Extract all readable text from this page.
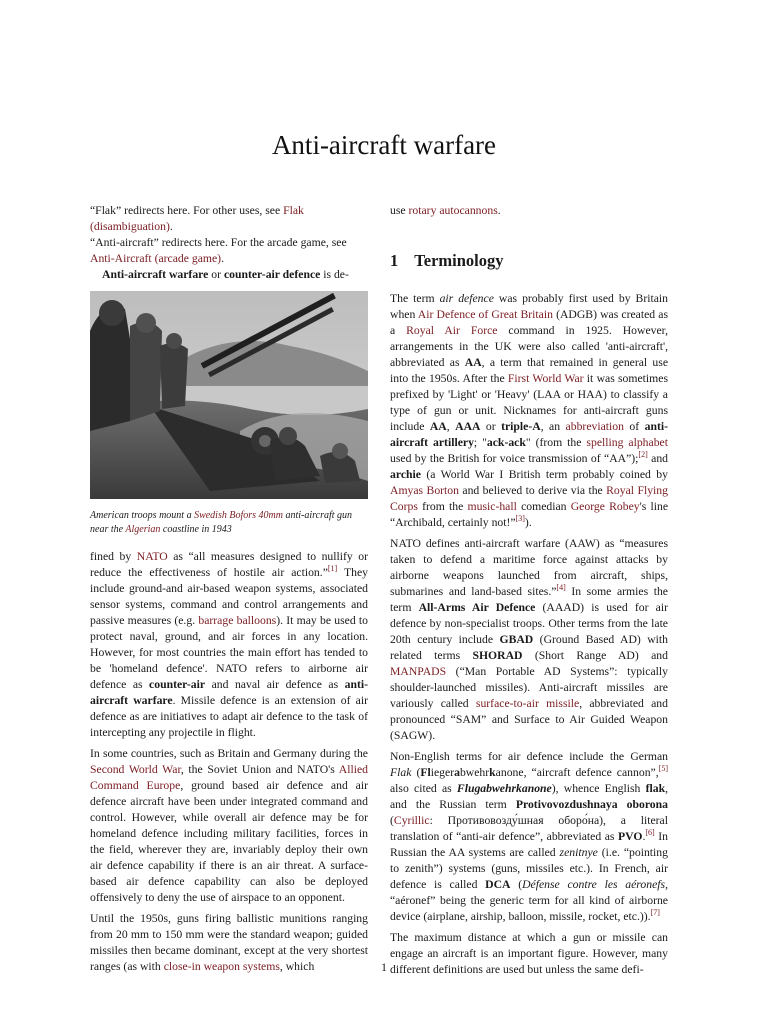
Anti-aircraft warfare

“Flak” redirects here. For other uses, see Flak (disambiguation).

“Anti-aircraft” redirects here. For the arcade game, see Anti-Aircraft (arcade game).

Anti-aircraft warfare or counter-air defence is de-

American troops mount a Swedish Bofors 40mm anti-aircraft gun near the Algerian coastline in 1943

fined by NATO as “all measures designed to nullify or reduce the effectiveness of hostile air action.”[1] They include ground-and air-based weapon systems, associated sensor systems, command and control arrangements and passive measures (e.g. barrage balloons). It may be used to protect naval, ground, and air forces in any location. However, for most countries the main effort has tended to be 'homeland defence'. NATO refers to airborne air defence as counter-air and naval air defence as anti-aircraft warfare. Missile defence is an extension of air defence as are initiatives to adapt air defence to the task of intercepting any projectile in flight.

In some countries, such as Britain and Germany during the Second World War, the Soviet Union and NATO's Allied Command Europe, ground based air defence and air defence aircraft have been under integrated command and control. However, while overall air defence may be for homeland defence including military facilities, forces in the field, wherever they are, invariably deploy their own air defence capability if there is an air threat. A surface-based air defence capability can also be deployed offensively to deny the use of airspace to an opponent.

Until the 1950s, guns firing ballistic munitions ranging from 20 mm to 150 mm were the standard weapon; guided missiles then became dominant, except at the very shortest ranges (as with close-in weapon systems, which

use rotary autocannons.

1 Terminology

The term air defence was probably first used by Britain when Air Defence of Great Britain (ADGB) was created as a Royal Air Force command in 1925. However, arrangements in the UK were also called 'anti-aircraft', abbreviated as AA, a term that remained in general use into the 1950s. After the First World War it was sometimes prefixed by 'Light' or 'Heavy' (LAA or HAA) to classify a type of gun or unit. Nicknames for anti-aircraft guns include AA, AAA or triple-A, an abbreviation of anti-aircraft artillery; "ack-ack" (from the spelling alphabet used by the British for voice transmission of “AA”);[2] and archie (a World War I British term probably coined by Amyas Borton and believed to derive via the Royal Flying Corps from the music-hall comedian George Robey's line “Archibald, certainly not!”[3]).

NATO defines anti-aircraft warfare (AAW) as “measures taken to defend a maritime force against attacks by airborne weapons launched from aircraft, ships, submarines and land-based sites.”[4] In some armies the term All-Arms Air Defence (AAAD) is used for air defence by non-specialist troops. Other terms from the late 20th century include GBAD (Ground Based AD) with related terms SHORAD (Short Range AD) and MANPADS (“Man Portable AD Systems”: typically shoulder-launched missiles). Anti-aircraft missiles are variously called surface-to-air missile, abbreviated and pronounced “SAM” and Surface to Air Guided Weapon (SAGW).

Non-English terms for air defence include the German Flak (Fliegerabwehrkanone, “aircraft defence cannon”,[5] also cited as Flugabwehrkanone), whence English flak, and the Russian term Protivovozdushnaya oborona (Cyrillic: Противовозду́шная оборо́на), a literal translation of “anti-air defence”, abbreviated as PVO.[6] In Russian the AA systems are called zenitnye (i.e. “pointing to zenith”) systems (guns, missiles etc.). In French, air defence is called DCA (Défense contre les aéronefs, “aéronef” being the generic term for all kind of airborne device (airplane, airship, balloon, missile, rocket, etc.)).[7]

The maximum distance at which a gun or missile can engage an aircraft is an important figure. However, many different definitions are used but unless the same defi-

1
